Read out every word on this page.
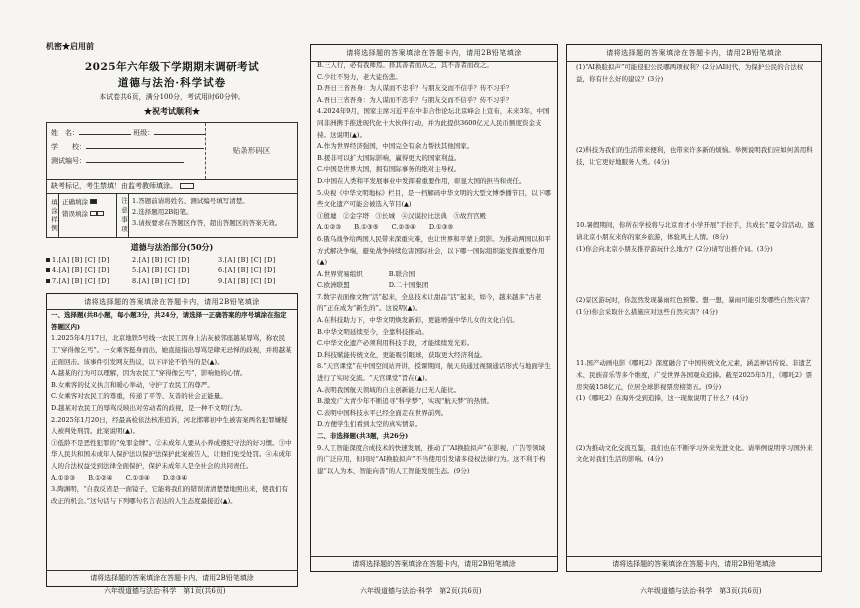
机密★启用前
2025年六年级下学期期末调研考试
道德与法治·科学试卷
本试卷共6页，满分100分，考试用时60分钟。
★祝考试顺利★
姓　名：	班级：
学　　校：
测试编号：
贴条形码区
缺考标记，考生禁填！由监考教师填涂。
填涂样例 正确填涂
错误填涂	注意事项 1.答题前请将姓名、测试编号填写清楚。
2.选择题用2B铅笔。
3.请按要求在答题区作答，超出答题区的答案无效。
道德与法治部分(50分)
1.[A] [B] [C] [D]	2.[A] [B] [C] [D]	3.[A] [B] [C] [D]
4.[A] [B] [C] [D]	5.[A] [B] [C] [D]	6.[A] [B] [C] [D]
7.[A] [B] [C] [D]	8.[A] [B] [C] [D]	9.[A] [B] [C] [D]
请将选择题的答案填涂在答题卡内，请用2B铅笔填涂

一、选择题(共8小题，每小题3分，共24分，请选择一正确答案的序号填涂在指定答题区内)

1.2025年4月17日，北京地铁5号线一农民工因身上沾灰被邻座越某辱骂，称农民工“穿得像乞丐”。一女乘客挺身而出，她直接指出辱骂是肆无忌惮的歧视，并将越某正面回击。该事件引发网友热议，以下评论不恰当的是(▲)。

A.越某的行为可以理解，因为农民工“穿得像乞丐”，影响他的心情。

B.女乘客的仗义执言和暖心举动，守护了农民工的尊严。

C.女乘客对农民工的尊重，传递了平等、友善的社会正能量。

D.越某对农民工的辱骂反映出对劳动者的歧视，是一种不文明行为。

2.2025年1月20日，经最高检依法核准追诉，河北邯郸初中生被害案两名犯罪嫌疑人被判处刑罚。此案说明(▲)。

①低龄不是恶性犯罪的“免罪金牌”。②未成年人要从小养成遵纪守法的好习惯。③中华人民共和国未成年人保护法以保护法保护此案被告人，让他们免受处罚。④未成年人的合法权益受到法律全面保护，保护未成年人是全社会的共同责任。

A.①②③　　B.①②④　　C.①③④　　D.②③④

3.陶渊明，“自我反省是一面镜子，它能将我们的错误清清楚楚地照出来，使我们有改正的机会。”这句话与下列哪句名言表达的人生态度最接近(▲)。

请将选择题的答案填涂在答题卡内，请用2B铅笔填涂
请将选择题的答案填涂在答题卡内，请用2B铅笔填涂
请将选择题的答案填涂在答题卡内，请用2B铅笔填涂

B.三人行，必有我师焉。择其善者而从之，其不善者而改之。

C.少壮不努力，老大徒伤悲。

D.吾日三省吾身：为人谋而不忠乎？与朋友交而不信乎？传不习乎？

A.吾日三省吾身：为人谋而不忠乎？与朋友交而不信乎？传不习乎？

4.2024年9月，国家主席习近平在中非合作论坛北京峰会上宣布，未来3年，中国同非洲携手推进现代化十大伙伴行动，并为此提供3600亿元人民币额度资金支持。这说明(▲)。

A.作为世界经济强国，中国完全有余力帮扶其他国家。

B.援非可以扩大国际影响，赢得更大的国家利益。

C.中国是世界大国，拥有国际事务的绝对主导权。

D.中国在人类和平发展事业中发挥着重要作用，彰显大国的担当和责任。

5.央视《中华文明地标》栏目，是一档解码中华文明的大型文博季播节目，以下哪些文化遗产可能会被选入节目(▲)

①殷墟　②金字塔　③长城　④汉谟拉比法典　⑤故宫宫殿

A.①②③　　B.①③⑤　　C.②③④　　D.①③⑤

6.俄乌战争给两国人民带来深重灾难，也让世界和平蒙上阴影。为推动两国以和平方式解决争端，避免战争持续危害国际社会，以下哪一国际组织能发挥重要作用(▲)

A.世界贸易组织　　　　B.联合国

C.欧洲联盟　　　　　　D.二十国集团

7.数字表面像文物“活”起来，全息技术让甜品“活”起来，如今，越来越多“古老的”正在成为“新生的”。这说明(▲)。

A.在科技助力下，中华文明焕发新彩，更能增强中华儿女的文化自信。

B.中华文明延续至今，全靠科技推动。

C.中华文化遗产必须利用科技手段，才能续续发光彩。

D.科技赋能传统文化，更能吸引眼球，获取更大经济利益。

8.“天宫课堂”在中国空间站开讲，授课期间，航天员通过视频通话形式与地面学生进行了实时交流。“天宫课堂”旨在(▲)。

A.表明我国航天领域的自主创新能力已无人能比。

B.激发广大青少年不断追寻“科学梦”，实现“航天梦”的热情。

C.表明中国科技水平已经全面走在世界前列。

D.方便学生们看到太空的真实情景。

二、非选择题(共3题，共26分)

9.人工智能深度合成技术的快速发展，推动了“AI换脸拟声”在影视、广告等领域的广泛应用，但同时“AI换脸拟声”不当使用引发诸多侵权法律行为。这不利于构建“以人为本、智能向善”的人工智能发展生态。(9分)

请将选择题的答案填涂在答题卡内，请用2B铅笔填涂
请将选择题的答案填涂在答题卡内，请用2B铅笔填涂

(1)“AI换脸拟声”可能侵犯公民哪两项权利？(2分)AI时代，为保护公民的合法权益，你有什么好的建议？(3分)

(2)科技为我们的生活带来便利，也带来许多新的烦恼。举例说明我们应如何善用科技，让它更好地服务人类。(4分)

10.暑假期间，你所在学校将与北京育才小学开展“手拉手，共成长”夏令营活动，邀请北京小朋友来你的家乡旅游，体验风土人情。(8分)

(1)你会向北京小朋友推荐游玩什么地方？(2分)请写出推介词。(3分)

(2)景区游玩时，你忽然发现暴雨红色预警。想一想，暴雨可能引发哪些自然灾害？(1分)你会采取什么措施应对这些自然灾害？(4分)

11.国产动画电影《哪吒2》深度融合了中国传统文化元素，涵盖神话传说、非遗艺术、民族音乐等多个维度，广受世界各国观众追捧。截至2025年5月，《哪吒2》票房突破158亿元，位居全球影视票房榜第五。(9分)

(1)《哪吒2》在海外受到追捧，这一现象说明了什么？(4分)

(2)为推动文化交流互鉴，我们也在不断学习外来先进文化。请举例说明学习国外来文化对我们生活的影响。(4分)

六年级道德与法治·科学　第1页(共6页)	六年级道德与法治·科学　第2页(共6页)	六年级道德与法治·科学　第3页(共6页)
